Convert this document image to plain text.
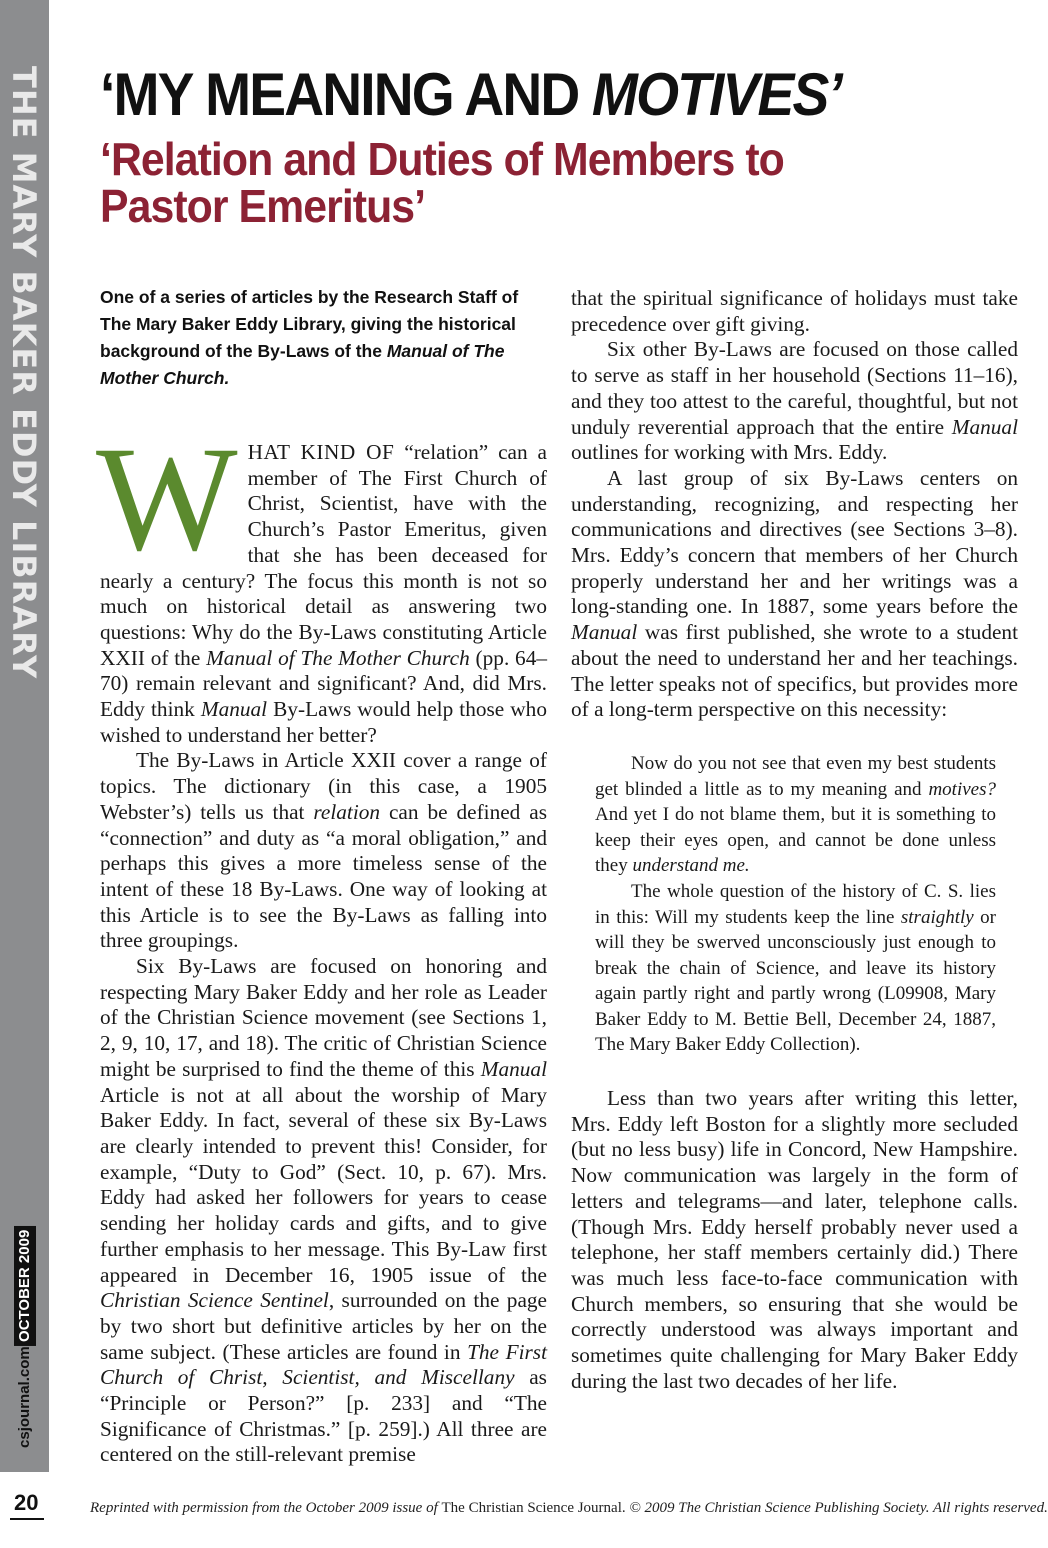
THE MARY BAKER EDDY LIBRARY
csjournal.com
OCTOBER 2009
20
‘MY MEANING AND MOTIVES’
‘Relation and Duties of Members to Pastor Emeritus’

One of a series of articles by the Research Staff of The Mary Baker Eddy Library, giving the historical background of the By-Laws of the Manual of The Mother Church.

WHAT KIND OF “relation” can a member of The First Church of Christ, Scientist, have with the Church’s Pastor Emeritus, given that she has been deceased for nearly a century? The focus this month is not so much on historical detail as answering two questions: Why do the By-Laws constituting Article XXII of the Manual of The Mother Church (pp. 64–70) remain relevant and significant? And, did Mrs. Eddy think Manual By-Laws would help those who wished to understand her better?

The By-Laws in Article XXII cover a range of topics. The dictionary (in this case, a 1905 Webster’s) tells us that relation can be defined as “connection” and duty as “a moral obligation,” and perhaps this gives a more timeless sense of the intent of these 18 By-Laws. One way of looking at this Article is to see the By-Laws as falling into three groupings.

Six By-Laws are focused on honoring and respecting Mary Baker Eddy and her role as Leader of the Christian Science movement (see Sections 1, 2, 9, 10, 17, and 18). The critic of Christian Science might be surprised to find the theme of this Manual Article is not at all about the worship of Mary Baker Eddy. In fact, several of these six By-Laws are clearly intended to prevent this! Consider, for example, “Duty to God” (Sect. 10, p. 67). Mrs. Eddy had asked her followers for years to cease sending her holiday cards and gifts, and to give further emphasis to her message. This By-Law first appeared in December 16, 1905 issue of the Christian Science Sentinel, surrounded on the page by two short but definitive articles by her on the same subject. (These articles are found in The First Church of Christ, Scientist, and Miscellany as “Principle or Person?” [p. 233] and “The Significance of Christmas.” [p. 259].) All three are centered on the still-relevant premise

that the spiritual significance of holidays must take precedence over gift giving.

Six other By-Laws are focused on those called to serve as staff in her household (Sections 11–16), and they too attest to the careful, thoughtful, but not unduly reverential approach that the entire Manual outlines for working with Mrs. Eddy.

A last group of six By-Laws centers on understanding, recognizing, and respecting her communications and directives (see Sections 3–8). Mrs. Eddy’s concern that members of her Church properly understand her and her writings was a long-standing one. In 1887, some years before the Manual was first published, she wrote to a student about the need to understand her and her teachings. The letter speaks not of specifics, but provides more of a long-term perspective on this necessity:

Now do you not see that even my best students get blinded a little as to my meaning and motives? And yet I do not blame them, but it is something to keep their eyes open, and cannot be done unless they understand me.

The whole question of the history of C. S. lies in this: Will my students keep the line straightly or will they be swerved unconsciously just enough to break the chain of Science, and leave its history again partly right and partly wrong (L09908, Mary Baker Eddy to M. Bettie Bell, December 24, 1887, The Mary Baker Eddy Collection).

Less than two years after writing this letter, Mrs. Eddy left Boston for a slightly more secluded (but no less busy) life in Concord, New Hampshire. Now communication was largely in the form of letters and telegrams—and later, telephone calls. (Though Mrs. Eddy herself probably never used a telephone, her staff members certainly did.) There was much less face-to-face communication with Church members, so ensuring that she would be correctly understood was always important and sometimes quite challenging for Mary Baker Eddy during the last two decades of her life.

Reprinted with permission from the October 2009 issue of The Christian Science Journal. © 2009 The Christian Science Publishing Society. All rights reserved.
